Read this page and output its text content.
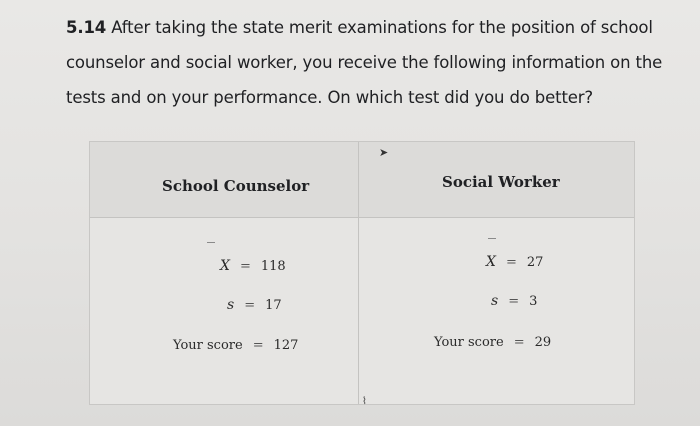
5.14 After taking the state merit examinations for the position of school counselor and social worker, you receive the following information on the tests and on your performance. On which test did you do better?
School Counselor	Social Worker
X = 118
s = 17
Your score = 127
X = 27
s = 3
Your score = 29
➤
⌇
